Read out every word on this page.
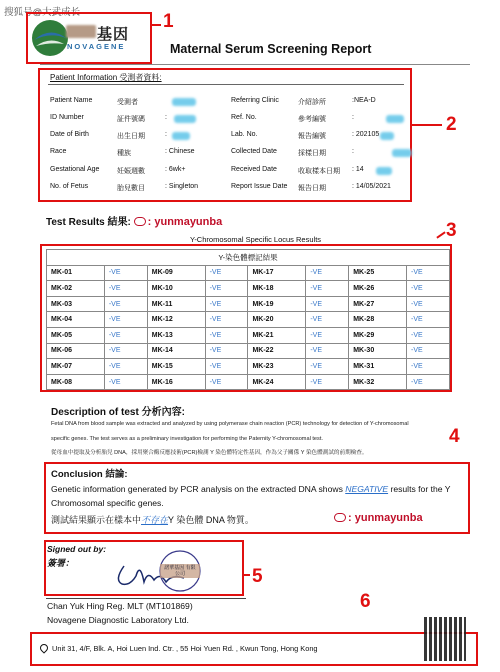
搜狐号@大武成长
基因
NOVAGENE
1
Maternal Serum Screening Report
2
Patient Information 受測者資料:
Patient Name	受測者
ID Number	証件號碼	:
Date of Birth	出生日期	:
Race	種族	: Chinese
Gestational Age	妊娠週數	: 6wk+
No. of Fetus	胎兒數目	: Singleton
Referring Clinic	介紹診所	:NEA-D
Ref. No.	參考編號	:
Lab. No.	報告編號	: 202105
Collected Date	採樣日期	:
Received Date	收取樣本日期 : 14
Report Issue Date 報告日期	: 14/05/2021
Test Results 結果: : yunmayunba	3
Y-Chromosomal Specific Locus Results
Y-染色體標記結果							
MK-01	-VE	MK-09	-VE	MK-17	-VE	MK-25	-VE
MK-02	-VE	MK-10	-VE	MK-18	-VE	MK-26	-VE
MK-03	-VE	MK-11	-VE	MK-19	-VE	MK-27	-VE
MK-04	-VE	MK-12	-VE	MK-20	-VE	MK-28	-VE
MK-05	-VE	MK-13	-VE	MK-21	-VE	MK-29	-VE
MK-06	-VE	MK-14	-VE	MK-22	-VE	MK-30	-VE
MK-07	-VE	MK-15	-VE	MK-23	-VE	MK-31	-VE
MK-08	-VE	MK-16	-VE	MK-24	-VE	MK-32	-VE
Description of test 分析內容:
Fetal DNA from blood sample was extracted and analyzed by using polymerase chain reaction (PCR) technology for detection of Y-chromosomal
specific genes. The test serves as a preliminary investigation for performing the Paternity Y-chromosomal test.
從母血中提取及分析胎兒 DNA，採用聚合酶反應技術(PCR)檢測 Y 染色體特定性基因，作為父子關係 Y 染色體測試的前期檢查。
4
Conclusion 結論:
Genetic information generated by PCR analysis on the extracted DNA shows NEGATIVE results for the Y Chromosomal specific genes.
測試結果顯示在樣本中不存在Y 染色體 DNA 物質。	: yunmayunba
5
Signed out by:
簽署：	諾華基因 有限公司
Chan Yuk Hing Reg. MLT (MT101869)
Novagene Diagnostic Laboratory Ltd.
6
Unit 31, 4/F, Blk. A, Hoi Luen Ind. Ctr. , 55 Hoi Yuen Rd. , Kwun Tong, Hong Kong
